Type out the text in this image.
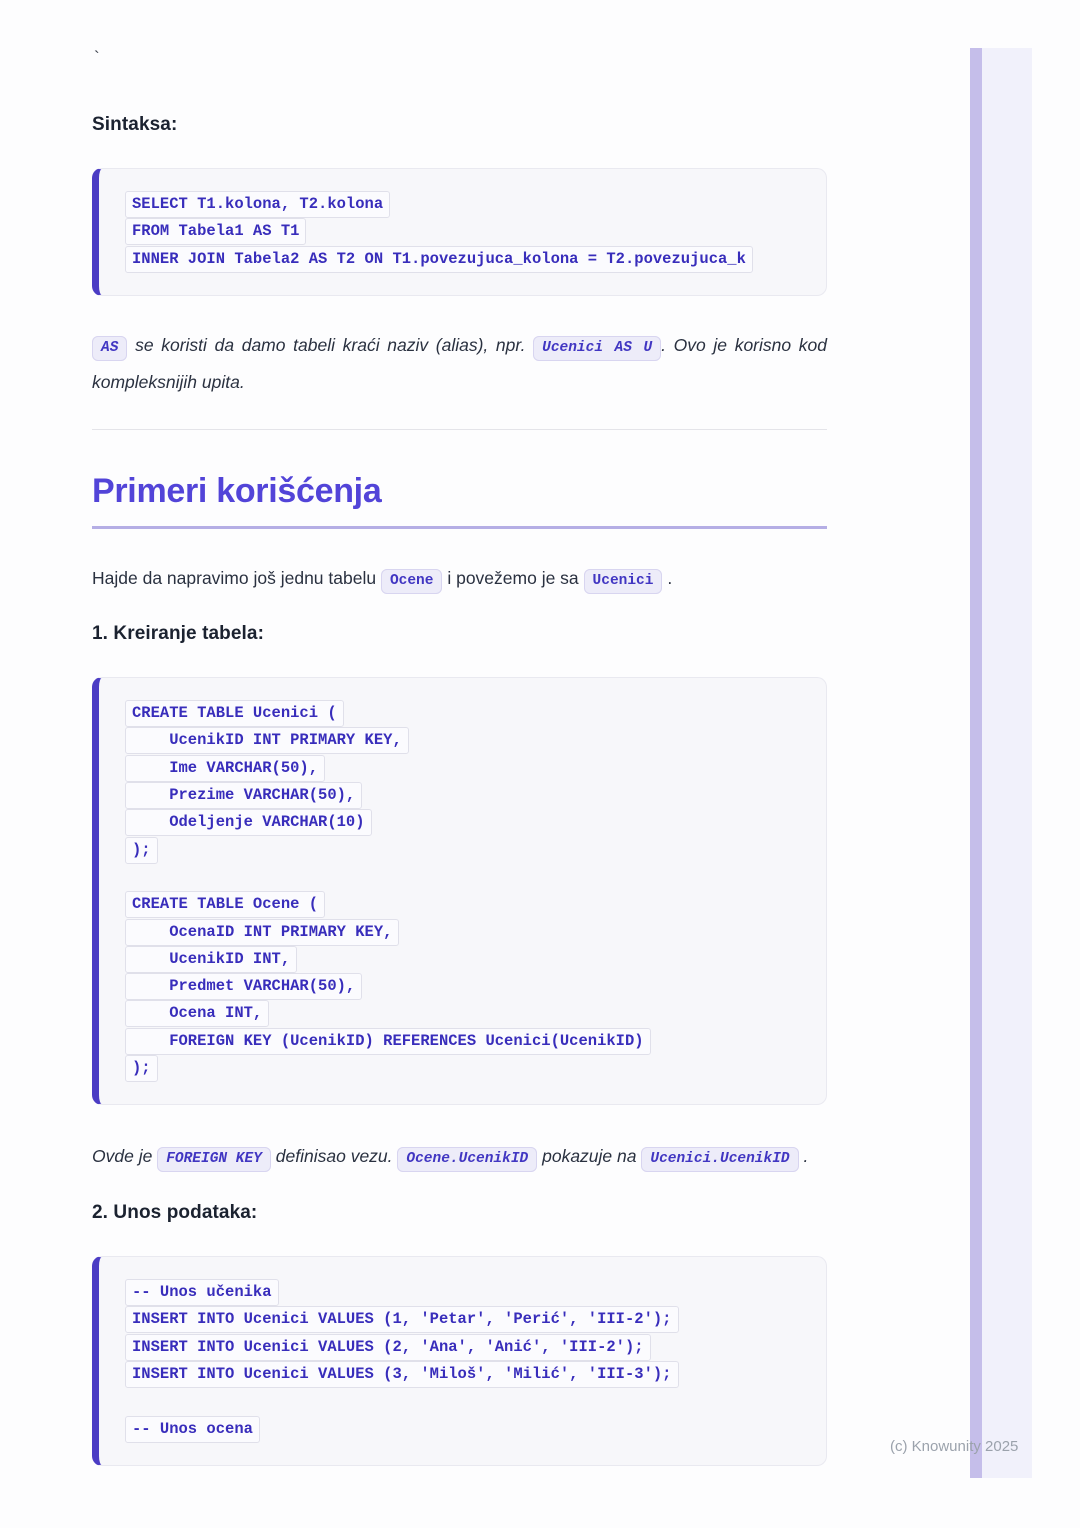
`
Sintaksa:
SELECT T1.kolona, T2.kolona
FROM Tabela1 AS T1
INNER JOIN Tabela2 AS T2 ON T1.povezujuca_kolona = T2.povezujuca_k

AS se koristi da damo tabeli kraći naziv (alias), npr. Ucenici AS U . Ovo je korisno kod kompleksnijih upita.

Primeri korišćenja

Hajde da napravimo još jednu tabelu Ocene i povežemo je sa Ucenici .

1. Kreiranje tabela:
CREATE TABLE Ucenici (
UcenikID INT PRIMARY KEY,
Ime VARCHAR(50),
Prezime VARCHAR(50),
Odeljenje VARCHAR(10)
);
CREATE TABLE Ocene (
OcenaID INT PRIMARY KEY,
UcenikID INT,
Predmet VARCHAR(50),
Ocena INT,
FOREIGN KEY (UcenikID) REFERENCES Ucenici(UcenikID)
);

Ovde je FOREIGN KEY definisao vezu. Ocene.UcenikID pokazuje na Ucenici.UcenikID .

2. Unos podataka:
-- Unos učenika
INSERT INTO Ucenici VALUES (1, 'Petar', 'Perić', 'III-2');
INSERT INTO Ucenici VALUES (2, 'Ana', 'Anić', 'III-2');
INSERT INTO Ucenici VALUES (3, 'Miloš', 'Milić', 'III-3');
-- Unos ocena
(c) Knowunity 2025
